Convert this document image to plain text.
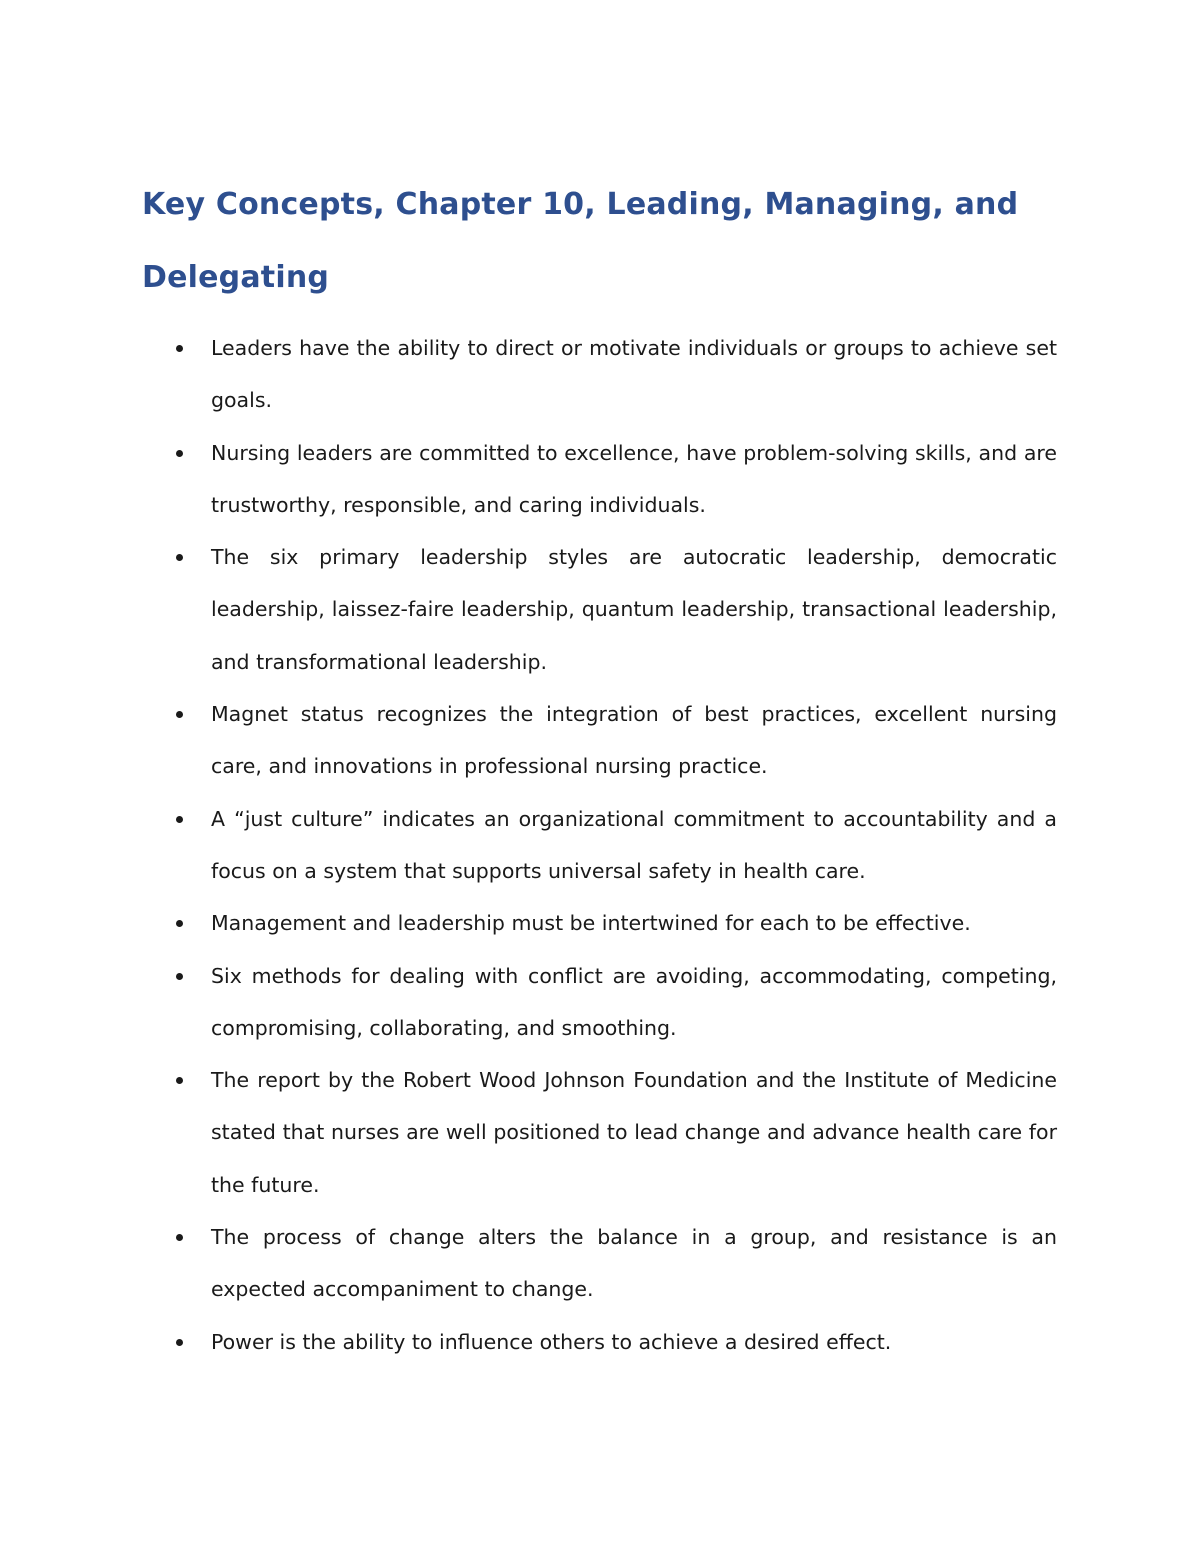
Key Concepts, Chapter 10, Leading, Managing, and Delegating
Leaders have the ability to direct or motivate individuals or groups to achieve set goals.
Nursing leaders are committed to excellence, have problem-solving skills, and are trustworthy, responsible, and caring individuals.
The six primary leadership styles are autocratic leadership, democratic leadership, laissez-faire leadership, quantum leadership, transactional leadership, and transformational leadership.
Magnet status recognizes the integration of best practices, excellent nursing care, and innovations in professional nursing practice.
A “just culture” indicates an organizational commitment to accountability and a focus on a system that supports universal safety in health care.
Management and leadership must be intertwined for each to be effective.
Six methods for dealing with conflict are avoiding, accommodating, competing, compromising, collaborating, and smoothing.
The report by the Robert Wood Johnson Foundation and the Institute of Medicine stated that nurses are well positioned to lead change and advance health care for the future.
The process of change alters the balance in a group, and resistance is an expected accompaniment to change.
Power is the ability to influence others to achieve a desired effect.
